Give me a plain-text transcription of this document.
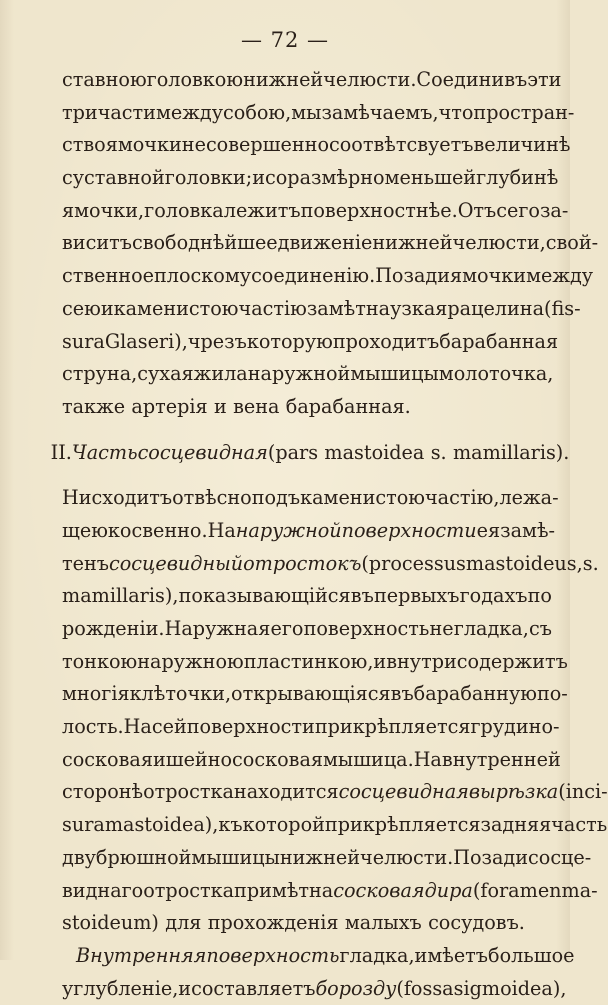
— 72 —
ставною головкою нижней челюсти. Соединивъ эти
три части между собою, мы замѣчаемъ, что простран-
ство ямочки не совершенно соотвѣтсвуетъ величинѣ
суставной головки; и соразмѣрно меньшей глубинѣ
ямочки, головка лежитъ поверхностнѣе. Отъ сего за-
виситъ свободнѣйшее движеніе нижней челюсти, свой-
ственное плоскому соединенію. Позади ямочки между
сею и каменистою частію замѣтна узкая рацелина (fis-
sura Glaseri), чрезъ которую проходитъ барабанная
струна, сухая жила наружной мышицы молоточка,
также артерія и вена барабанная.
II. Часть сосцевидная (pars mastoidea s. mamillaris).
Нисходитъ отвѣсно подъ каменистою частію, лежа-
щею косвенно. На наружной поверхности ея замѣ-
тенъ сосцевидный отростокъ (processus mastoideus, s.
mamillaris), показывающійся въ первыхъ годахъ по
рожденіи. Наружная его поверхность не гладка, съ
тонкою наружною пластинкою, и внутри содержитъ
многія клѣточки, открывающіяся въ барабанную по-
лость. На сей поверхности прикрѣпляется грудино-
сосковая и шейносоcковая мышица. На внутренней
сторонѣ отростка находится сосцевидная вырѣзка (inci-
sura mastoidea), къ которой прикрѣпляется задняя часть
двубрюшной мышицы нижней челюсти. Позади сосце-
виднаго отростка примѣтна сосковая дира (foramen ma-
stoideum) для прохожденія малыхъ сосудовъ.
Внутренняя поверхность гладка, имѣетъ большое
углубленіе, и составляетъ борозду (fossa sigmoidea),
